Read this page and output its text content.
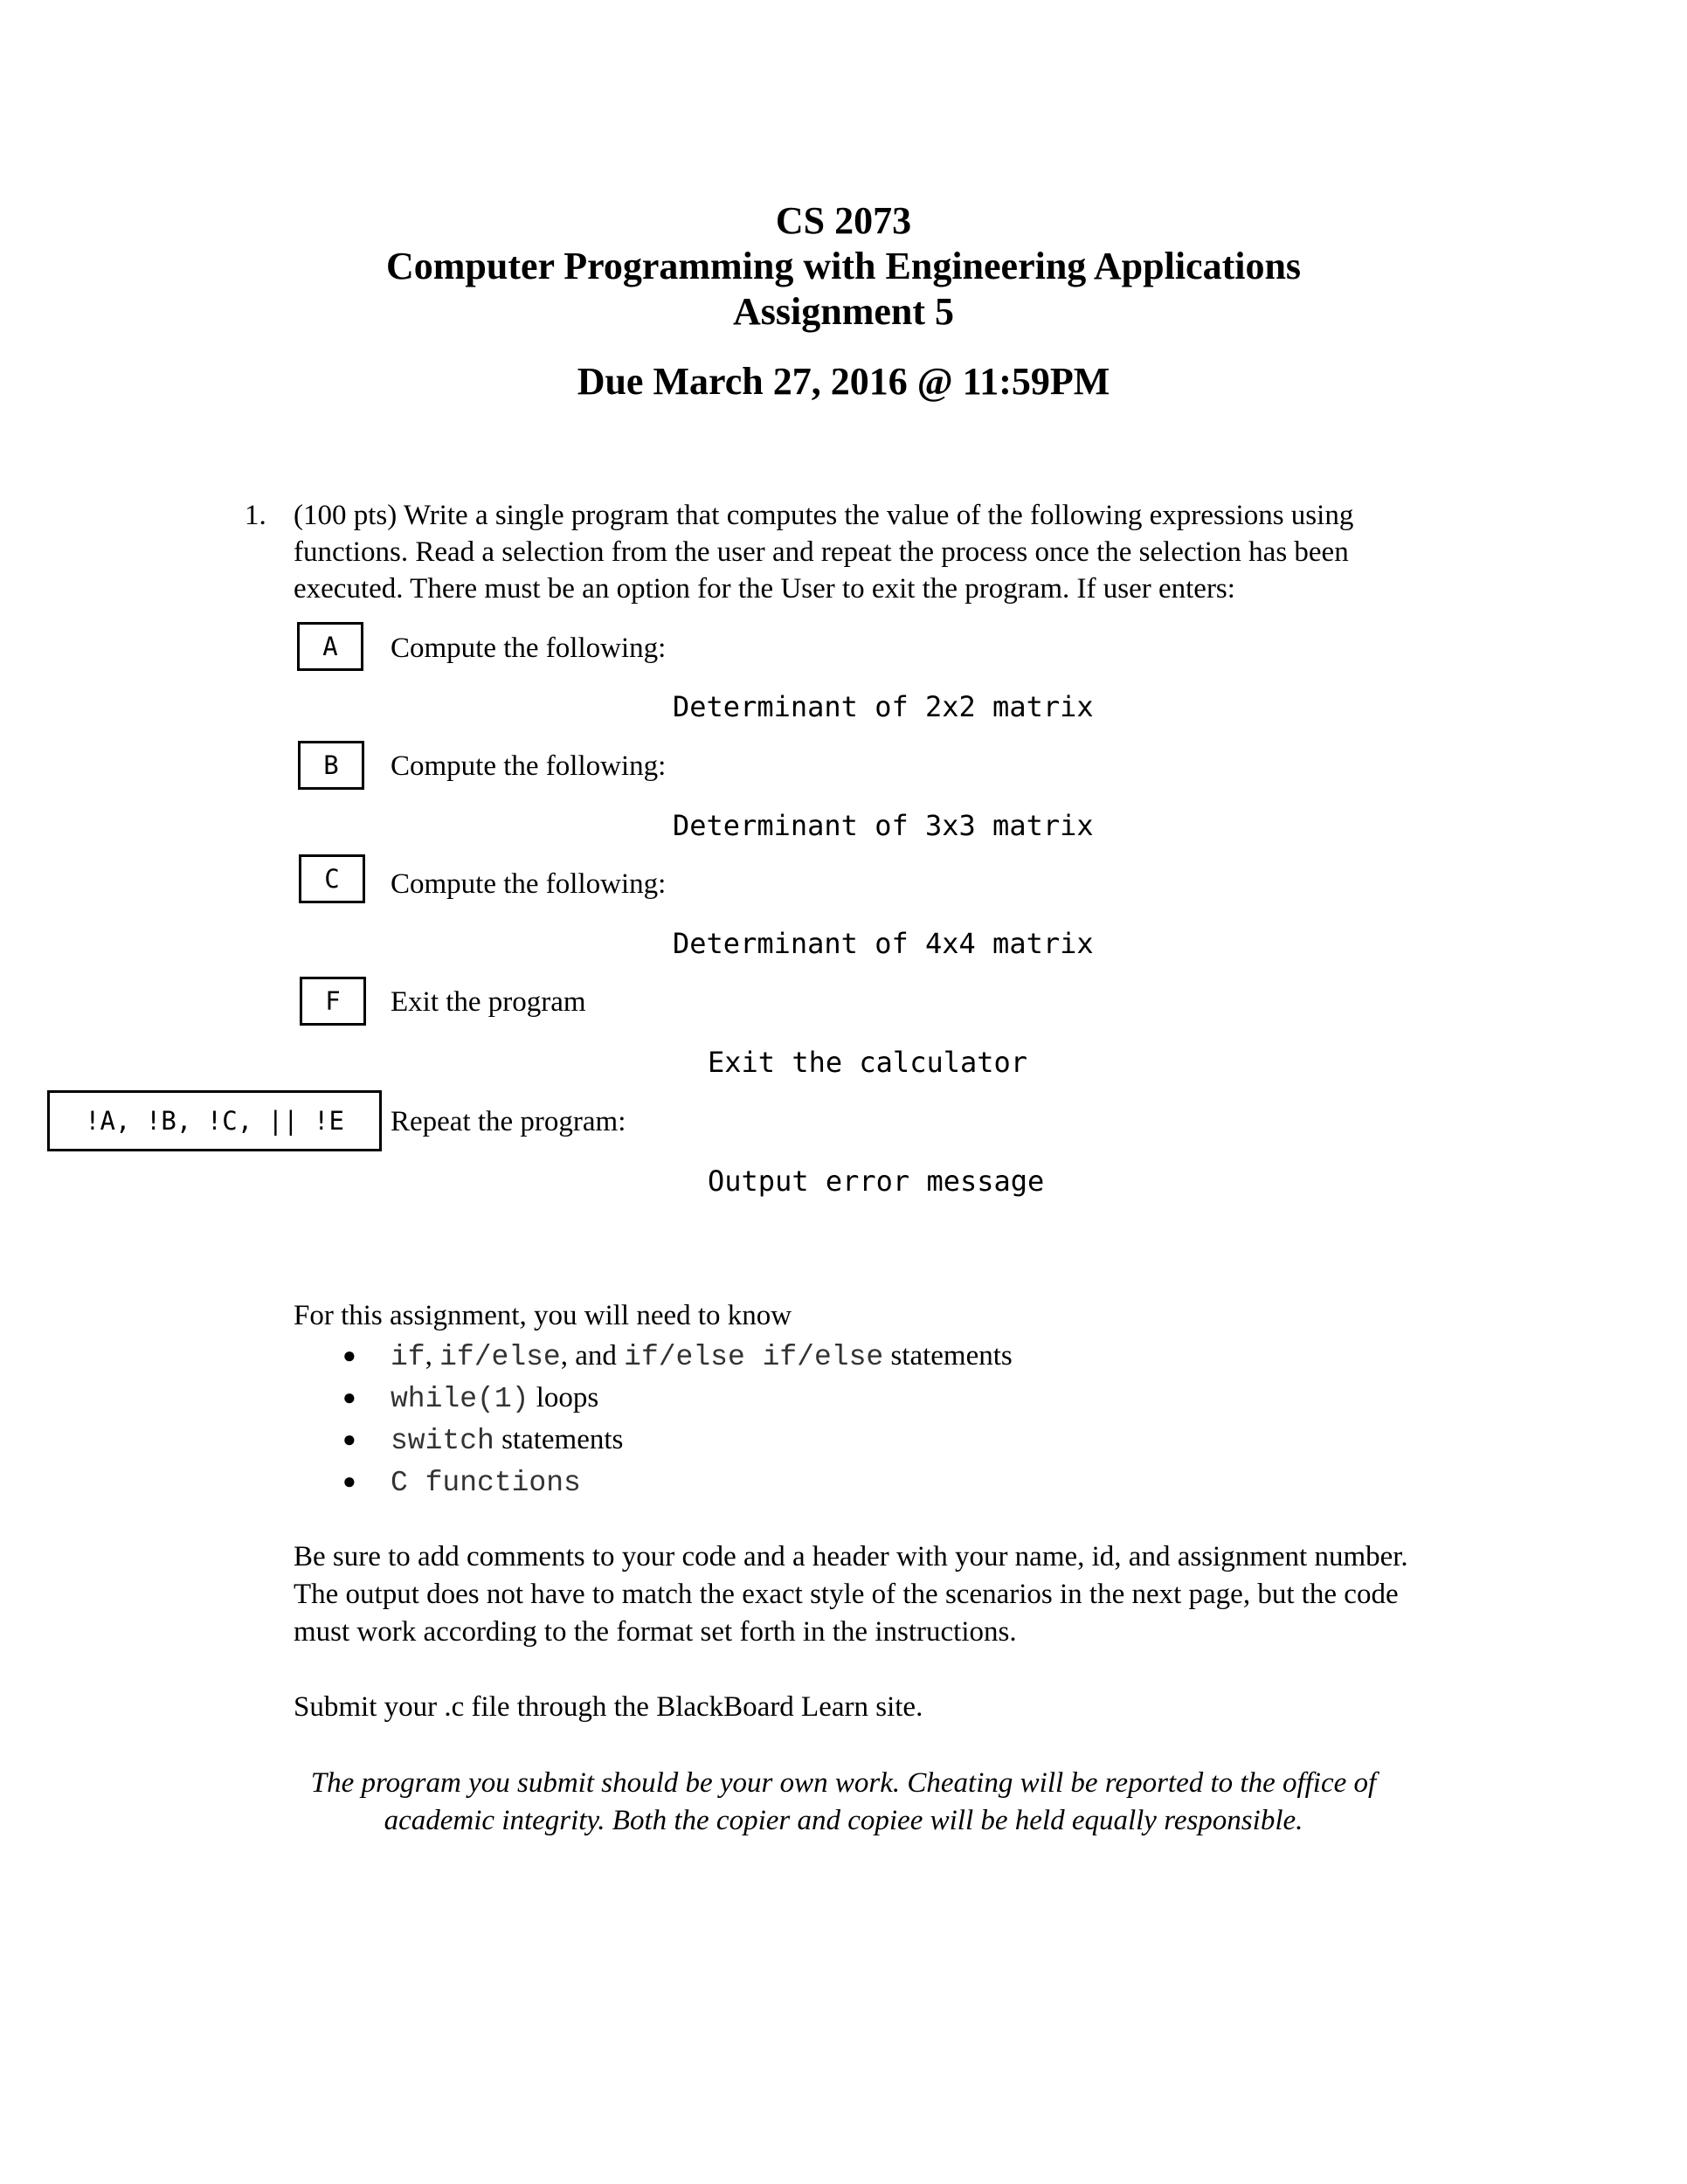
CS 2073
Computer Programming with Engineering Applications
Assignment 5
Due March 27, 2016 @ 11:59PM
1. (100 pts) Write a single program that computes the value of the following expressions using
functions. Read a selection from the user and repeat the process once the selection has been
executed. There must be an option for the User to exit the program. If user enters:
A	Compute the following:
Determinant of 2x2 matrix
B	Compute the following:
Determinant of 3x3 matrix
C	Compute the following:
Determinant of 4x4 matrix
F	Exit the program
Exit the calculator
!A, !B, !C, || !E	Repeat the program:
Output error message
For this assignment, you will need to know
● if, if/else, and if/else if/else statements
● while(1) loops
● switch statements
● C functions
Be sure to add comments to your code and a header with your name, id, and assignment number.
The output does not have to match the exact style of the scenarios in the next page, but the code
must work according to the format set forth in the instructions.
Submit your .c file through the BlackBoard Learn site.
The program you submit should be your own work. Cheating will be reported to the office of
academic integrity. Both the copier and copiee will be held equally responsible.
